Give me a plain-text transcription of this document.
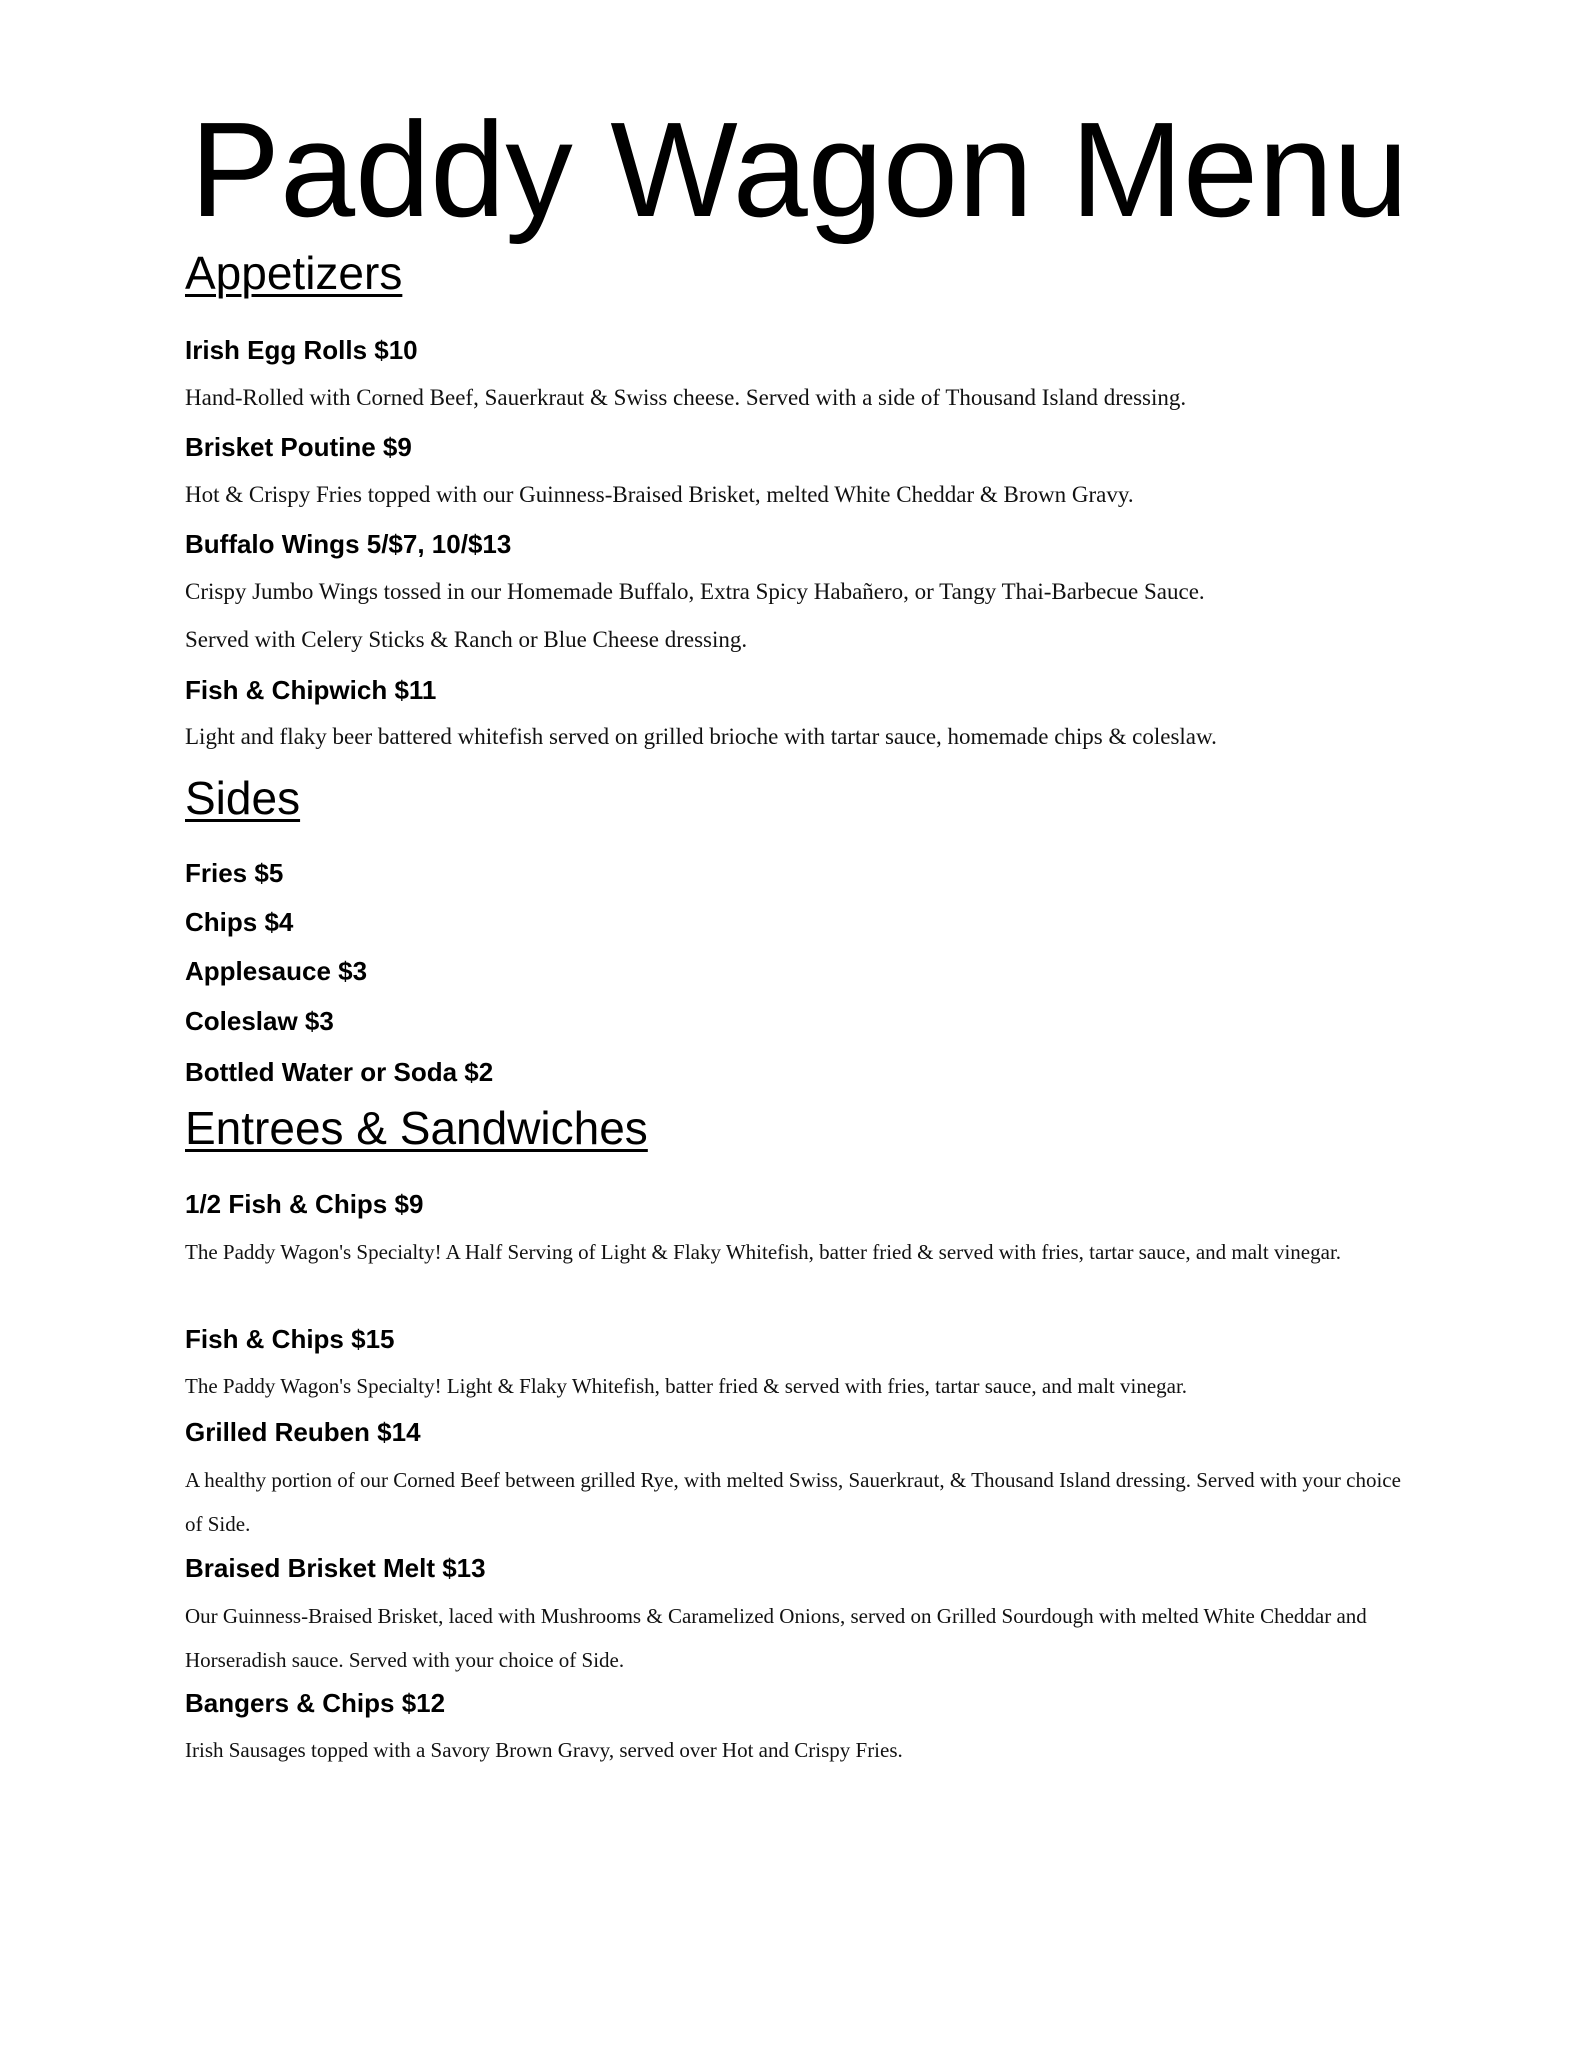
Paddy Wagon Menu
Appetizers
Irish Egg Rolls $10
Hand-Rolled with Corned Beef, Sauerkraut & Swiss cheese. Served with a side of Thousand Island dressing.
Brisket Poutine $9
Hot & Crispy Fries topped with our Guinness-Braised Brisket, melted White Cheddar & Brown Gravy.
Buffalo Wings 5/$7, 10/$13
Crispy Jumbo Wings tossed in our Homemade Buffalo, Extra Spicy Habañero, or Tangy Thai-Barbecue Sauce.
Served with Celery Sticks & Ranch or Blue Cheese dressing.
Fish & Chipwich $11
Light and flaky beer battered whitefish served on grilled brioche with tartar sauce, homemade chips & coleslaw.
Sides
Fries $5
Chips $4
Applesauce $3
Coleslaw $3
Bottled Water or Soda $2
Entrees & Sandwiches
1/2 Fish & Chips $9
The Paddy Wagon's Specialty! A Half Serving of Light & Flaky Whitefish, batter fried & served with fries, tartar sauce, and malt vinegar.
Fish & Chips $15
The Paddy Wagon's Specialty! Light & Flaky Whitefish, batter fried & served with fries, tartar sauce, and malt vinegar.
Grilled Reuben $14
A healthy portion of our Corned Beef between grilled Rye, with melted Swiss, Sauerkraut, & Thousand Island dressing. Served with your choice of Side.
Braised Brisket Melt $13
Our Guinness-Braised Brisket, laced with Mushrooms & Caramelized Onions, served on Grilled Sourdough with melted White Cheddar and Horseradish sauce. Served with your choice of Side.
Bangers & Chips $12
Irish Sausages topped with a Savory Brown Gravy, served over Hot and Crispy Fries.
